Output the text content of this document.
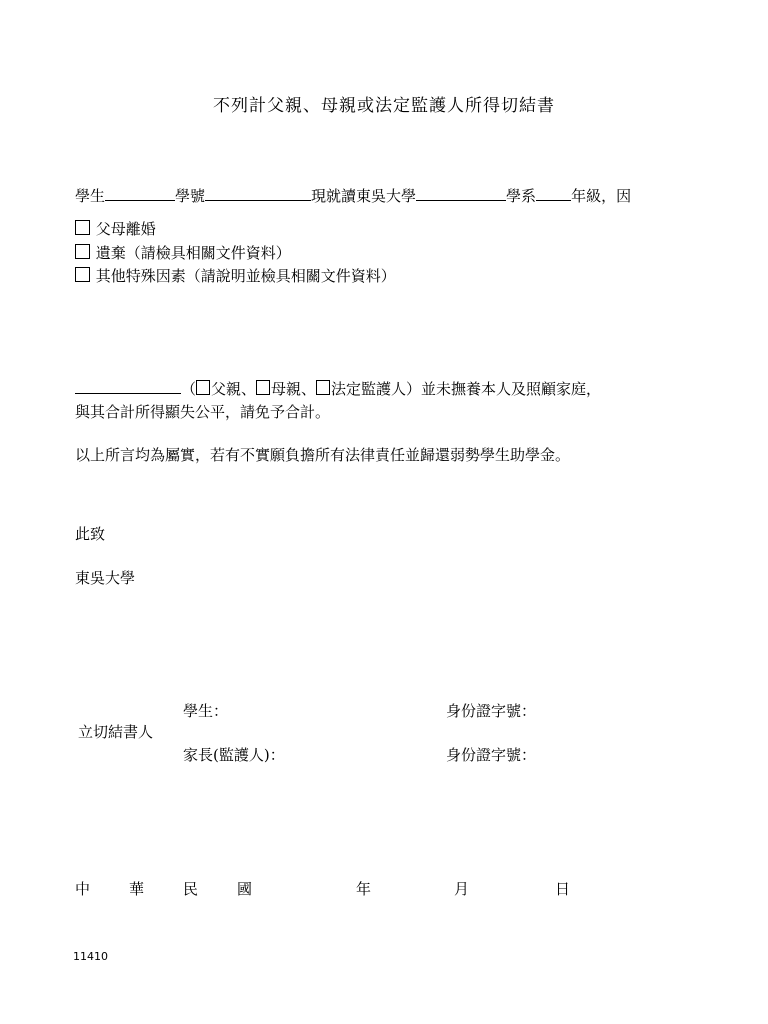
不列計父親、母親或法定監護人所得切結書
學生	學號	現就讀東吳大學	學系 年級，因
父母離婚
遺棄（請檢具相關文件資料）
其他特殊因素（請說明並檢具相關文件資料）
（ 父親、 母親、 法定監護人）並未撫養本人及照顧家庭，
與其合計所得顯失公平，請免予合計。
以上所言均為屬實，若有不實願負擔所有法律責任並歸還弱勢學生助學金。
此致
東吳大學
學生：	身份證字號：
立切結書人
家長(監護人)：	身份證字號：
中	華	民	國	年	月	日
11410
